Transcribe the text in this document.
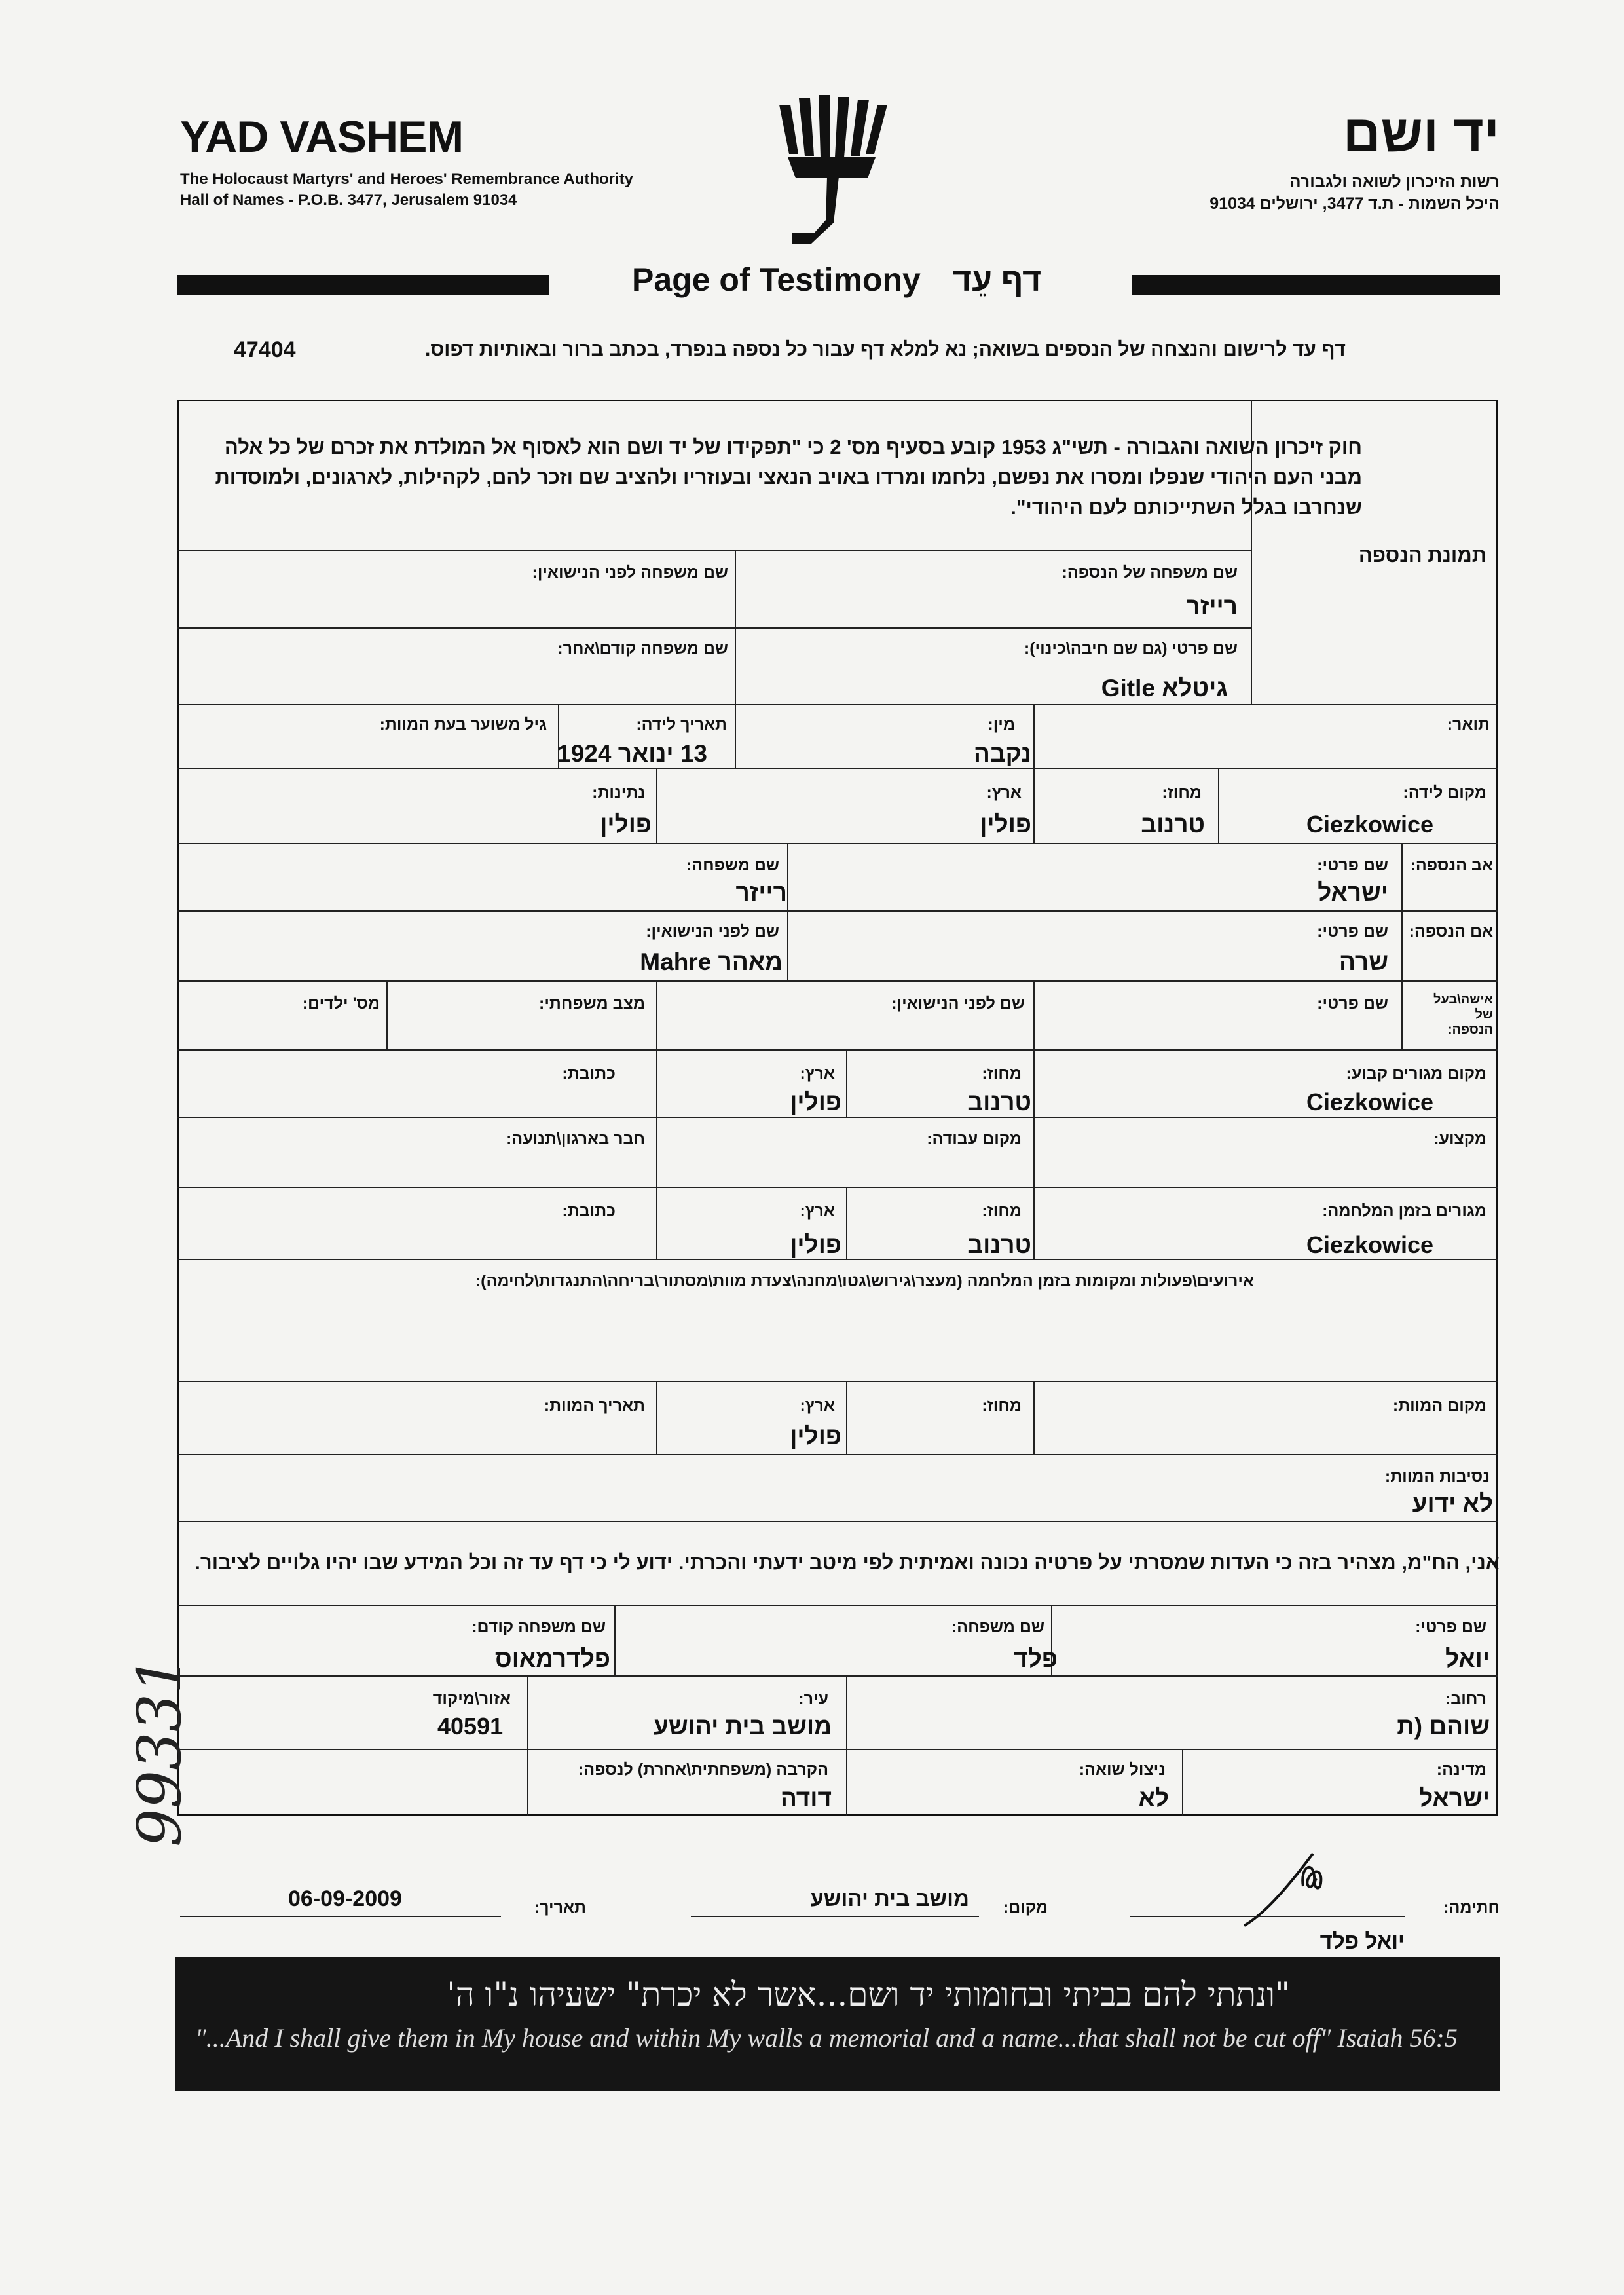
YAD VASHEM
The Holocaust Martyrs' and Heroes' Remembrance Authority
Hall of Names - P.O.B. 3477, Jerusalem 91034
יד ושם
רשות הזיכרון לשואה ולגבורה
היכל השמות - ת.ד 3477, ירושלים 91034
Page of Testimony דף עֵד
דף עד לרישום והנצחה של הנספים בשואה; נא למלא דף עבור כל נספה בנפרד, בכתב ברור ובאותיות דפוס.
47404
חוק זיכרון השואה והגבורה - תשי"ג 1953 קובע בסעיף מס' 2 כי "תפקידו של יד ושם הוא לאסוף אל המולדת את זכרם של כל אלה מבני העם היהודי שנפלו ומסרו את נפשם, נלחמו ומרדו באויב הנאצי ובעוזריו ולהציב שם וזכר להם, לקהילות, לארגונים, ולמוסדות שנחרבו בגלל השתייכותם לעם היהודי".
תמונת הנספה
שם משפחה של הנספה:
רייזר
שם משפחה לפני הנישואין:
שם פרטי (גם שם חיבה\כינוי):
גיטלא Gitle
שם משפחה קודם\אחר:
תואר:
מין:
נקבה
תאריך לידה:
13 ינואר 1924
גיל משוער בעת המוות:
מקום לידה:
Ciezkowice
מחוז:
טרנוב
ארץ:
פולין
נתינות:
פולין
אב הנספה:
שם פרטי:
ישראל
שם משפחה:
רייזר
אם הנספה:
שם פרטי:
שרה
שם לפני הנישואין:
מאהר Mahre
אישה\בעל של הנספה:
שם פרטי:
שם לפני הנישואין:
מצב משפחתי:
מס' ילדים:
מקום מגורים קבוע:
Ciezkowice
מחוז:
טרנוב
ארץ:
פולין
כתובת:
מקצוע:
מקום עבודה:
חבר בארגון\תנועה:
מגורים בזמן המלחמה:
Ciezkowice
מחוז:
טרנוב
ארץ:
פולין
כתובת:
אירועים\פעולות ומקומות בזמן המלחמה (מעצר\גירוש\גטו\מחנה\צעדת מוות\מסתור\בריחה\התנגדות\לחימה):
מקום המוות:
מחוז:
ארץ:
פולין
תאריך המוות:
נסיבות המוות:
לא ידוע
אני, הח"מ, מצהיר בזה כי העדות שמסרתי על פרטיה נכונה ואמיתית לפי מיטב ידעתי והכרתי. ידוע לי כי דף עד זה וכל המידע שבו יהיו גלויים לציבור.
שם פרטי:
יואל
שם משפחה:
פלד
שם משפחה קודם:
פלדרמאוס
רחוב:
שוהם (ת
עיר:
מושב בית יהושע
אזור\מיקוד
40591
מדינה:
ישראל
ניצול שואה:
לא
הקרבה (משפחתית\אחרת) לנספה:
דודה
99331
חתימה:
יואל פלד
מקום:
מושב בית יהושע
תאריך:
06-09-2009
"ונתתי להם בביתי ובחומותי יד ושם...אשר לא יכרת" ישעיהו נ"ו ה'
"...And I shall give them in My house and within My walls a memorial and a name...that shall not be cut off" Isaiah 56:5
